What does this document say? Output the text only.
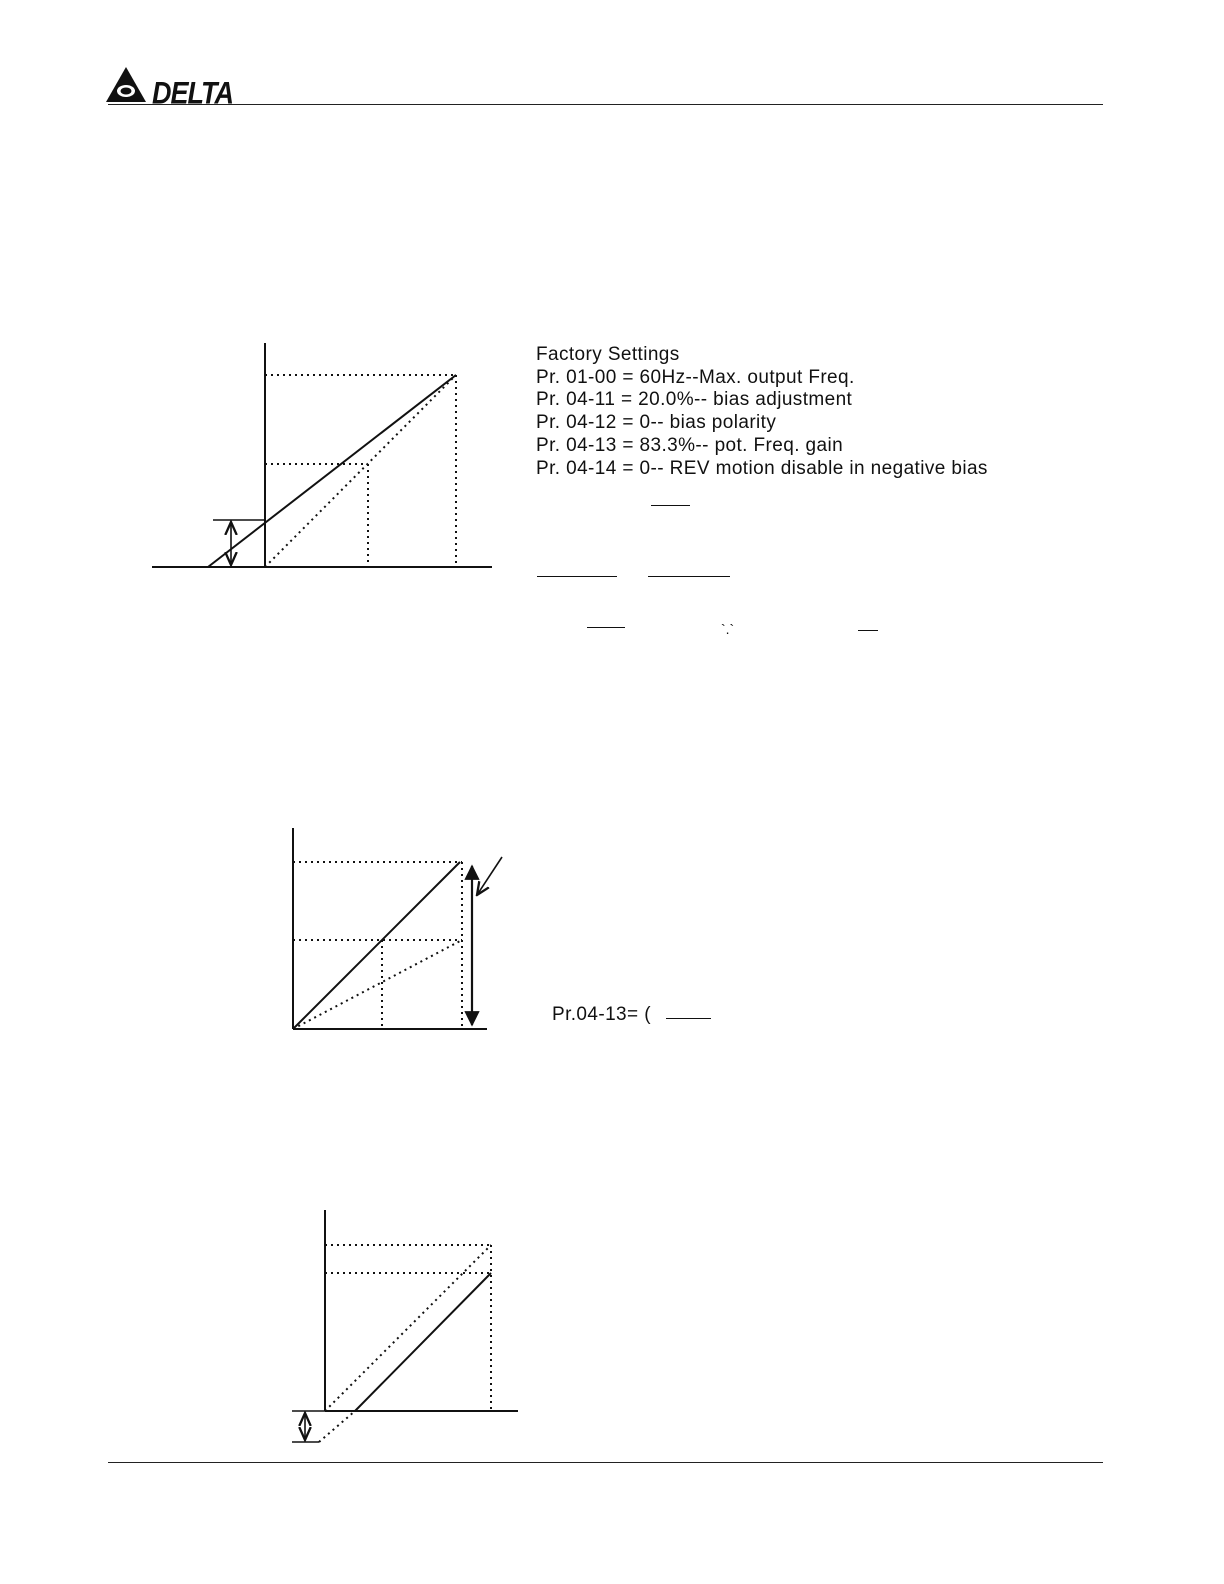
DELTA
Factory Settings
Pr. 01-00 = 60Hz--Max. output Freq.
Pr. 04-11 = 20.0%-- bias adjustment
Pr. 04-12 = 0-- bias polarity
Pr. 04-13 = 83.3%-- pot. Freq. gain
Pr. 04-14 = 0-- REV motion disable in negative bias
`.`
Pr.04-13= (
